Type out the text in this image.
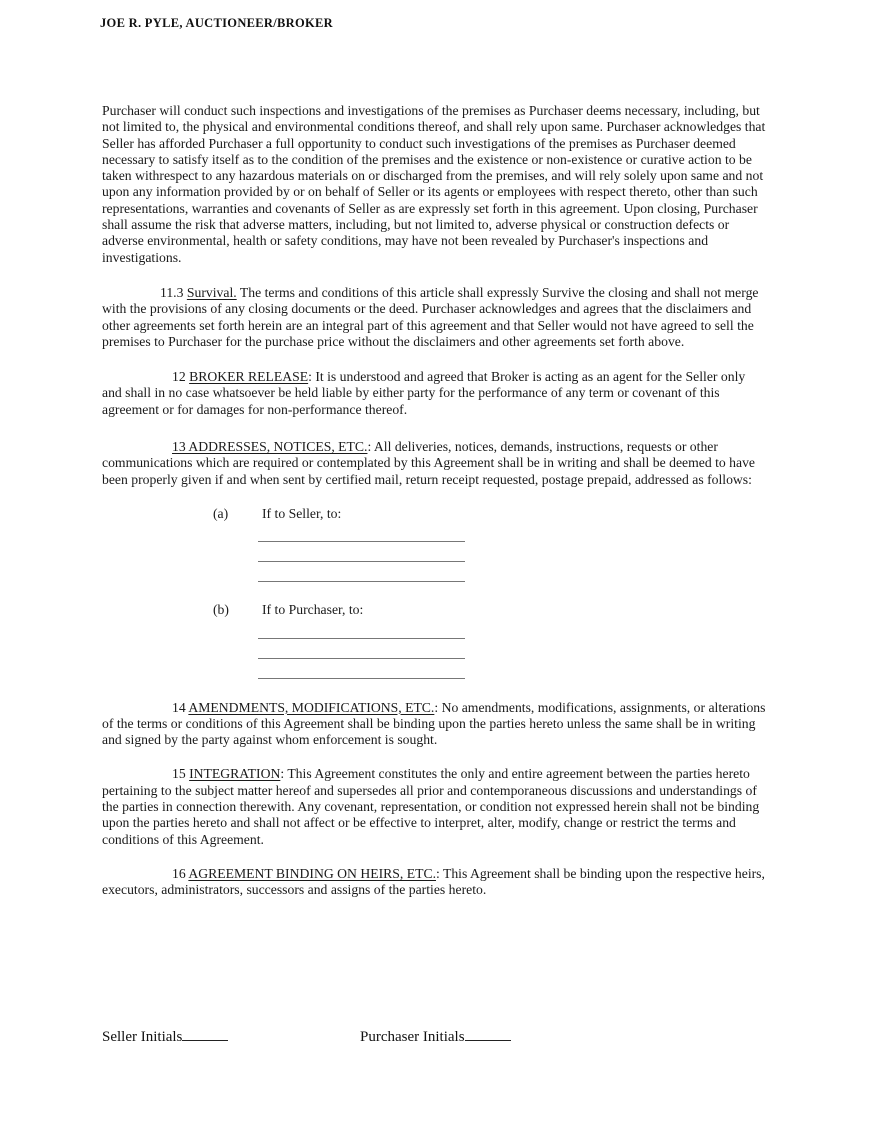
JOE R. PYLE, AUCTIONEER/BROKER

Purchaser will conduct such inspections and investigations of the premises as Purchaser deems necessary, including, but not limited to, the physical and environmental conditions thereof, and shall rely upon same. Purchaser acknowledges that Seller has afforded Purchaser a full opportunity to conduct such investigations of the premises as Purchaser deemed necessary to satisfy itself as to the condition of the premises and the existence or non-existence or curative action to be taken withrespect to any hazardous materials on or discharged from the premises, and will rely solely upon same and not upon any information provided by or on behalf of Seller or its agents or employees with respect thereto, other than such representations, warranties and covenants of Seller as are expressly set forth in this agreement. Upon closing, Purchaser shall assume the risk that adverse matters, including, but not limited to, adverse physical or construction defects or adverse environmental, health or safety conditions, may have not been revealed by Purchaser's inspections and investigations.

11.3 Survival. The terms and conditions of this article shall expressly Survive the closing and shall not merge with the provisions of any closing documents or the deed. Purchaser acknowledges and agrees that the disclaimers and other agreements set forth herein are an integral part of this agreement and that Seller would not have agreed to sell the premises to Purchaser for the purchase price without the disclaimers and other agreements set forth above.

12 BROKER RELEASE: It is understood and agreed that Broker is acting as an agent for the Seller only and shall in no case whatsoever be held liable by either party for the performance of any term or covenant of this agreement or for damages for non-performance thereof.

13 ADDRESSES, NOTICES, ETC.: All deliveries, notices, demands, instructions, requests or other communications which are required or contemplated by this Agreement shall be in writing and shall be deemed to have been properly given if and when sent by certified mail, return receipt requested, postage prepaid, addressed as follows:

(a)	If to Seller, to:
(b)	If to Purchaser, to:

14 AMENDMENTS, MODIFICATIONS, ETC.: No amendments, modifications, assignments, or alterations of the terms or conditions of this Agreement shall be binding upon the parties hereto unless the same shall be in writing and signed by the party against whom enforcement is sought.

15 INTEGRATION: This Agreement constitutes the only and entire agreement between the parties hereto pertaining to the subject matter hereof and supersedes all prior and contemporaneous discussions and understandings of the parties in connection therewith. Any covenant, representation, or condition not expressed herein shall not be binding upon the parties hereto and shall not affect or be effective to interpret, alter, modify, change or restrict the terms and conditions of this Agreement.

16 AGREEMENT BINDING ON HEIRS, ETC.: This Agreement shall be binding upon the respective heirs, executors, administrators, successors and assigns of the parties hereto.

Seller Initials	Purchaser Initials
